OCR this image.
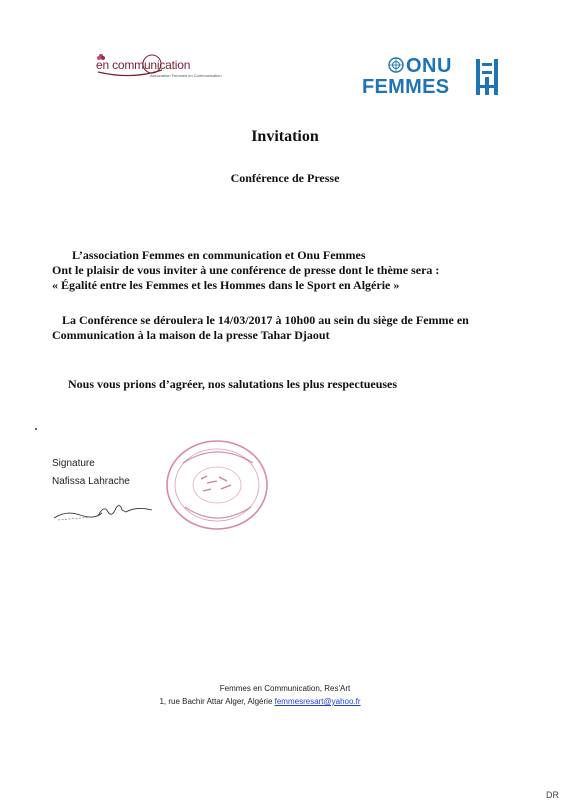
en communication
Association Femmes en Communication	ONU
FEMMES
Invitation
Conférence de Presse
L’association Femmes en communication et Onu Femmes
Ont le plaisir de vous inviter à une conférence de presse dont le thème sera :
« Égalité entre les Femmes et les Hommes dans le Sport en Algérie »
La Conférence se déroulera le 14/03/2017 à 10h00 au sein du siège de Femme en
Communication à la maison de la presse Tahar Djaout
Nous vous prions d’agréer, nos salutations les plus respectueuses
Signature
Nafissa Lahrache
Femmes en Communication, Res'Art
1, rue Bachir Attar Alger, Algérie femmesresart@yahoo.fr
DR
